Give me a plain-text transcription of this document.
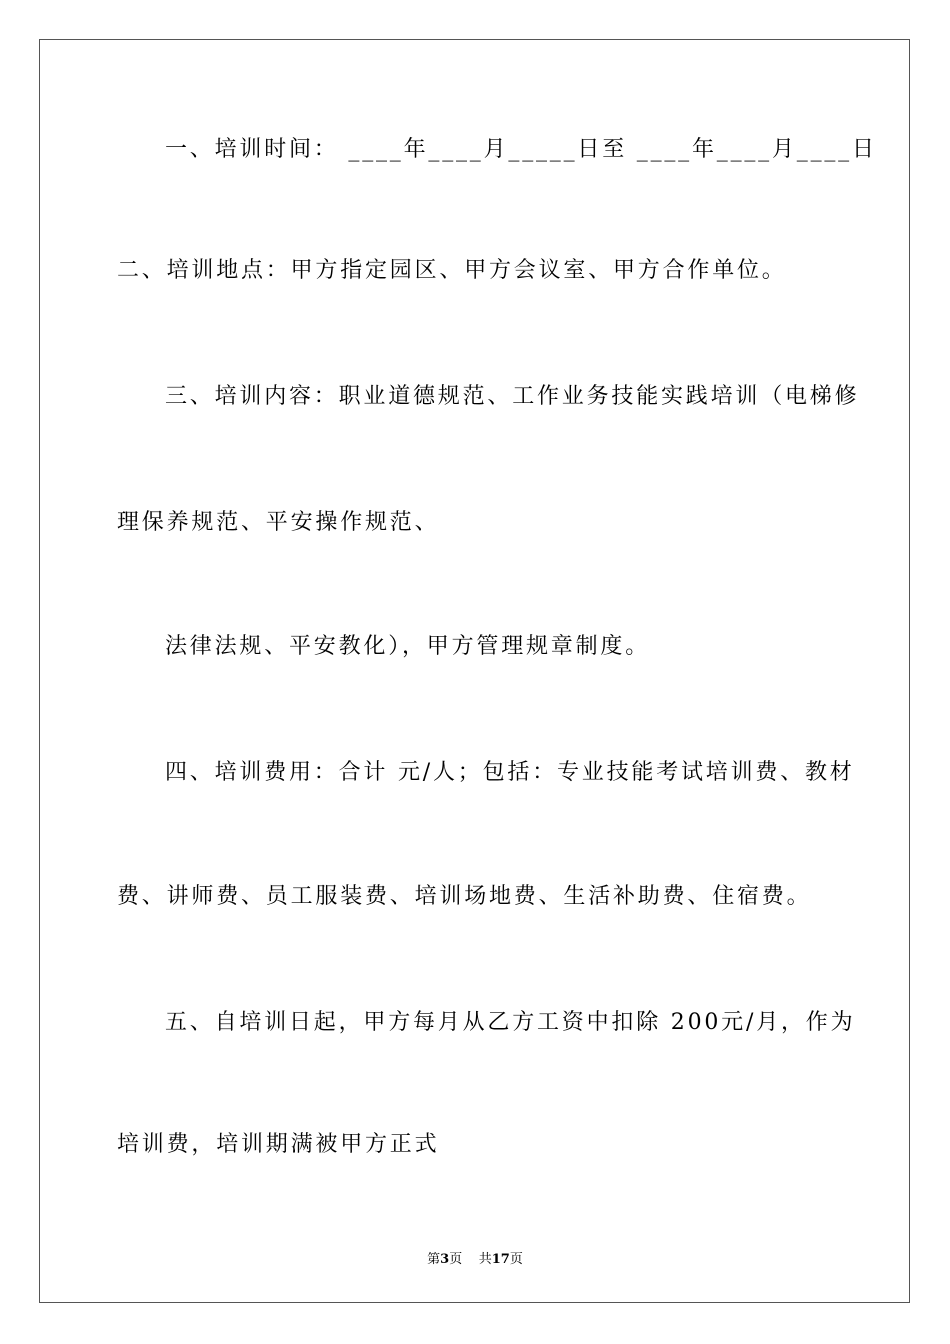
一、培训时间： ____年____月_____日至 ____年____月____日
二、培训地点：甲方指定园区、甲方会议室、甲方合作单位。
三、培训内容：职业道德规范、工作业务技能实践培训（电梯修
理保养规范、平安操作规范、
法律法规、平安教化），甲方管理规章制度。
四、培训费用：合计 元/人；包括：专业技能考试培训费、教材
费、讲师费、员工服装费、培训场地费、生活补助费、住宿费。
五、自培训日起，甲方每月从乙方工资中扣除 200元/月，作为
培训费，培训期满被甲方正式
第3页 共17页
